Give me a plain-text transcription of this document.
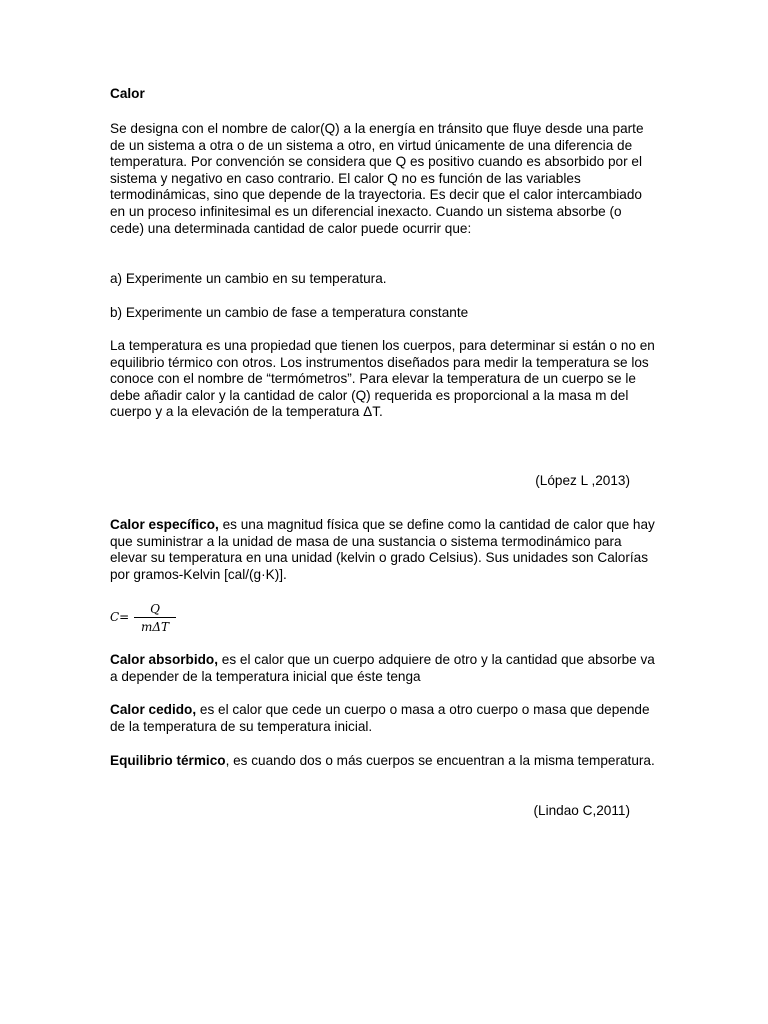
Calor

Se designa con el nombre de calor(Q) a la energía en tránsito que fluye desde una parte de un sistema a otra o de un sistema a otro, en virtud únicamente de una diferencia de temperatura. Por convención se considera que Q es positivo cuando es absorbido por el sistema y negativo en caso contrario. El calor Q no es función de las variables termodinámicas, sino que depende de la trayectoria. Es decir que el calor intercambiado en un proceso infinitesimal es un diferencial inexacto. Cuando un sistema absorbe (o cede) una determinada cantidad de calor puede ocurrir que:

a) Experimente un cambio en su temperatura.

b) Experimente un cambio de fase a temperatura constante

La temperatura es una propiedad que tienen los cuerpos, para determinar si están o no en equilibrio térmico con otros. Los instrumentos diseñados para medir la temperatura se los conoce con el nombre de “termómetros”. Para elevar la temperatura de un cuerpo se le debe añadir calor y la cantidad de calor (Q) requerida es proporcional a la masa m del cuerpo y a la elevación de la temperatura ΔT.

(López L ,2013)

Calor específico, es una magnitud física que se define como la cantidad de calor que hay que suministrar a la unidad de masa de una sustancia o sistema termodinámico para elevar su temperatura en una unidad (kelvin o grado Celsius). Sus unidades son Calorías por gramos-Kelvin [cal/(g·K)].

C=
Q
mΔT

Calor absorbido, es el calor que un cuerpo adquiere de otro y la cantidad que absorbe va a depender de la temperatura inicial que éste tenga

Calor cedido, es el calor que cede un cuerpo o masa a otro cuerpo o masa que depende de la temperatura de su temperatura inicial.

Equilibrio térmico, es cuando dos o más cuerpos se encuentran a la misma temperatura.

(Lindao C,2011)
